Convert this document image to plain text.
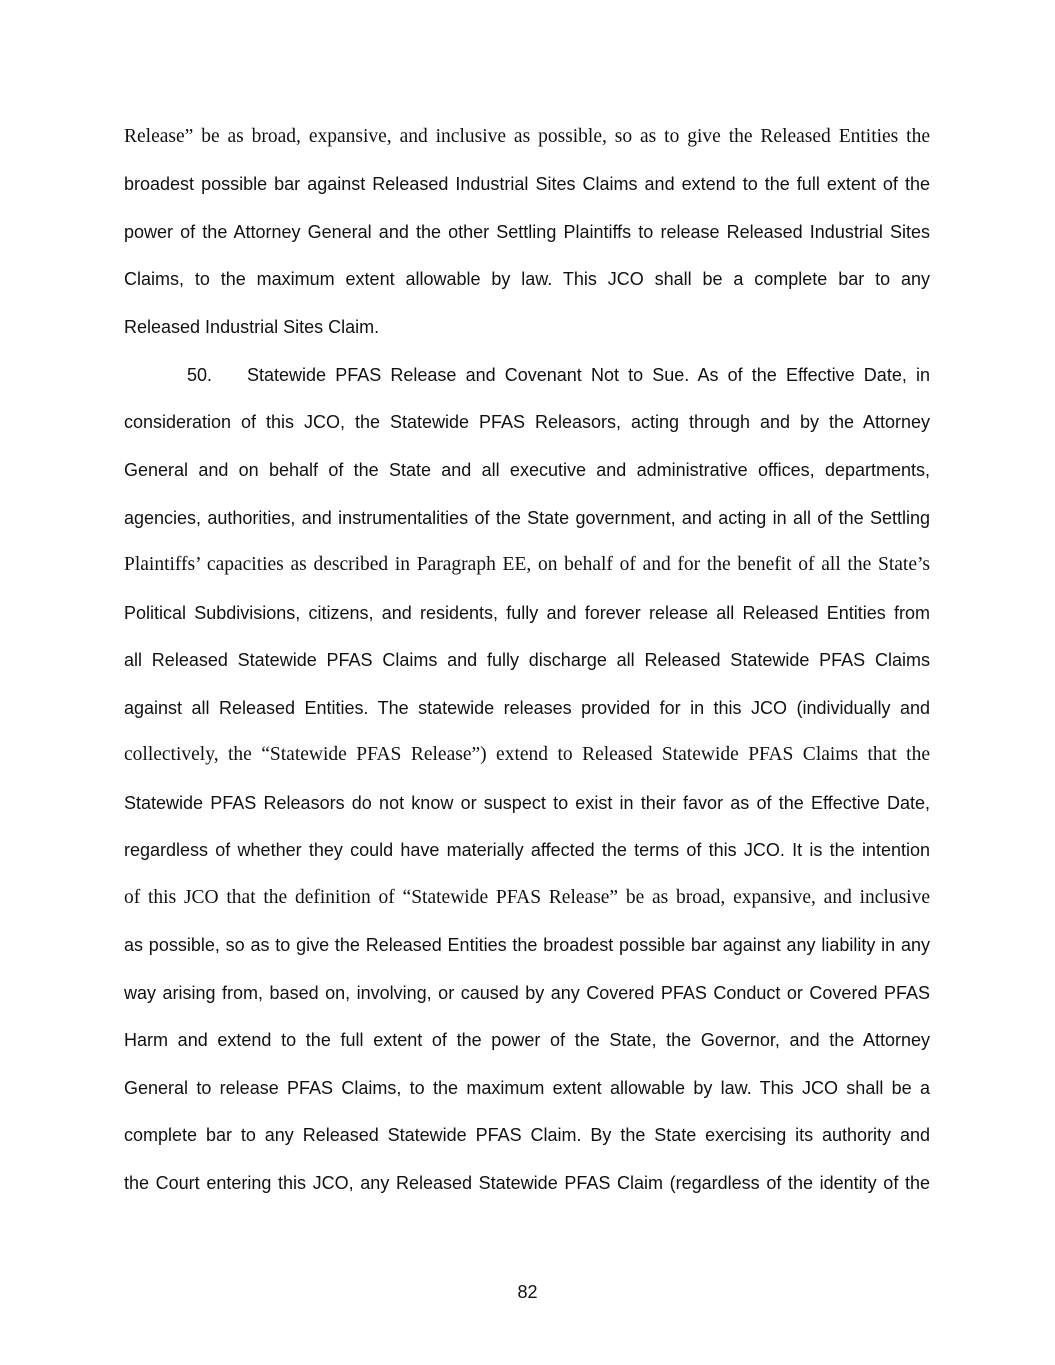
Release” be as broad, expansive, and inclusive as possible, so as to give the Released Entities the
broadest possible bar against Released Industrial Sites Claims and extend to the full extent of the
power of the Attorney General and the other Settling Plaintiffs to release Released Industrial Sites
Claims, to the maximum extent allowable by law. This JCO shall be a complete bar to any
Released Industrial Sites Claim.
50. Statewide PFAS Release and Covenant Not to Sue. As of the Effective Date, in
consideration of this JCO, the Statewide PFAS Releasors, acting through and by the Attorney
General and on behalf of the State and all executive and administrative offices, departments,
agencies, authorities, and instrumentalities of the State government, and acting in all of the Settling
Plaintiffs’ capacities as described in Paragraph EE, on behalf of and for the benefit of all the State’s
Political Subdivisions, citizens, and residents, fully and forever release all Released Entities from
all Released Statewide PFAS Claims and fully discharge all Released Statewide PFAS Claims
against all Released Entities. The statewide releases provided for in this JCO (individually and
collectively, the “Statewide PFAS Release”) extend to Released Statewide PFAS Claims that the
Statewide PFAS Releasors do not know or suspect to exist in their favor as of the Effective Date,
regardless of whether they could have materially affected the terms of this JCO. It is the intention
of this JCO that the definition of “Statewide PFAS Release” be as broad, expansive, and inclusive
as possible, so as to give the Released Entities the broadest possible bar against any liability in any
way arising from, based on, involving, or caused by any Covered PFAS Conduct or Covered PFAS
Harm and extend to the full extent of the power of the State, the Governor, and the Attorney
General to release PFAS Claims, to the maximum extent allowable by law. This JCO shall be a
complete bar to any Released Statewide PFAS Claim. By the State exercising its authority and
the Court entering this JCO, any Released Statewide PFAS Claim (regardless of the identity of the
82
